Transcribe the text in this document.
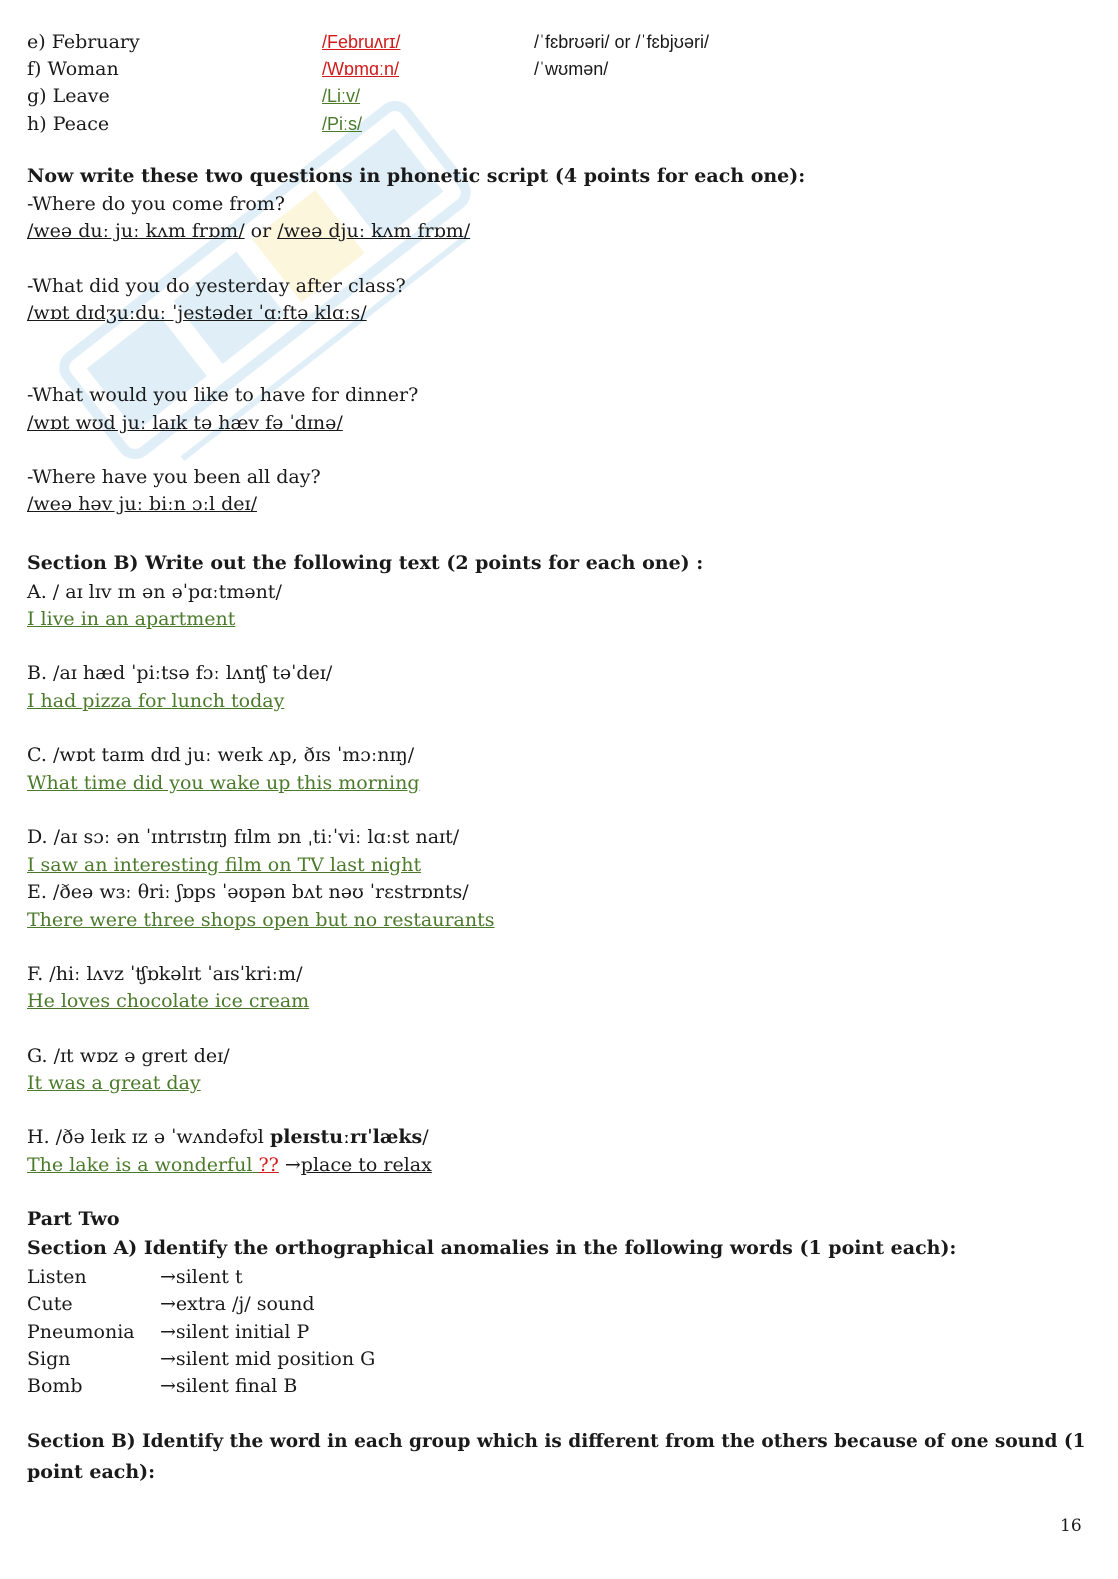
e) February	/Februʌrɪ/	/ˈfɛbrʊəri/ or /ˈfɛbjʊəri/
f) Woman	/Wɒmɑːn/	/ˈwʊmən/
g) Leave	/Liːv/
h) Peace	/Piːs/
Now write these two questions in phonetic script (4 points for each one):
-Where do you come from?
/weə duː juː kʌm frɒm/ or /weə djuː kʌm frɒm/
-What did you do yesterday after class?
/wɒt dɪdʒuːduː ˈjestədeɪ ˈɑːftə klɑːs/
-What would you like to have for dinner?
/wɒt wʊd juː laɪk tə hæv fə ˈdɪnə/
-Where have you been all day?
/weə həv juː biːn ɔːl deɪ/
Section B) Write out the following text (2 points for each one) :
A. / aɪ lɪv ɪn ən əˈpɑːtmənt/
I live in an apartment
B. /aɪ hæd ˈpiːtsə fɔː lʌnʧ təˈdeɪ/
I had pizza for lunch today
C. /wɒt taɪm dɪd juː weɪk ʌp, ðɪs ˈmɔːnɪŋ/
What time did you wake up this morning
D. /aɪ sɔː ən ˈɪntrɪstɪŋ fɪlm ɒn ˌtiːˈviː lɑːst naɪt/
I saw an interesting film on TV last night
E. /ðeə wɜː θriː ʃɒps ˈəʊpən bʌt nəʊ ˈrɛstrɒnts/
There were three shops open but no restaurants
F. /hiː lʌvz ˈʧɒkəlɪt ˈaɪsˈkriːm/
He loves chocolate ice cream
G. /ɪt wɒz ə greɪt deɪ/
It was a great day
H. /ðə leɪk ɪz ə ˈwʌndəfʊl pleɪstuːrɪˈlæks/
The lake is a wonderful ?? →place to relax
Part Two
Section A) Identify the orthographical anomalies in the following words (1 point each):
Listen	→silent t
Cute	→extra /j/ sound
Pneumonia →silent initial P
Sign	→silent mid position G
Bomb	→silent final B
Section B) Identify the word in each group which is different from the others because of one sound (1
point each):
16
